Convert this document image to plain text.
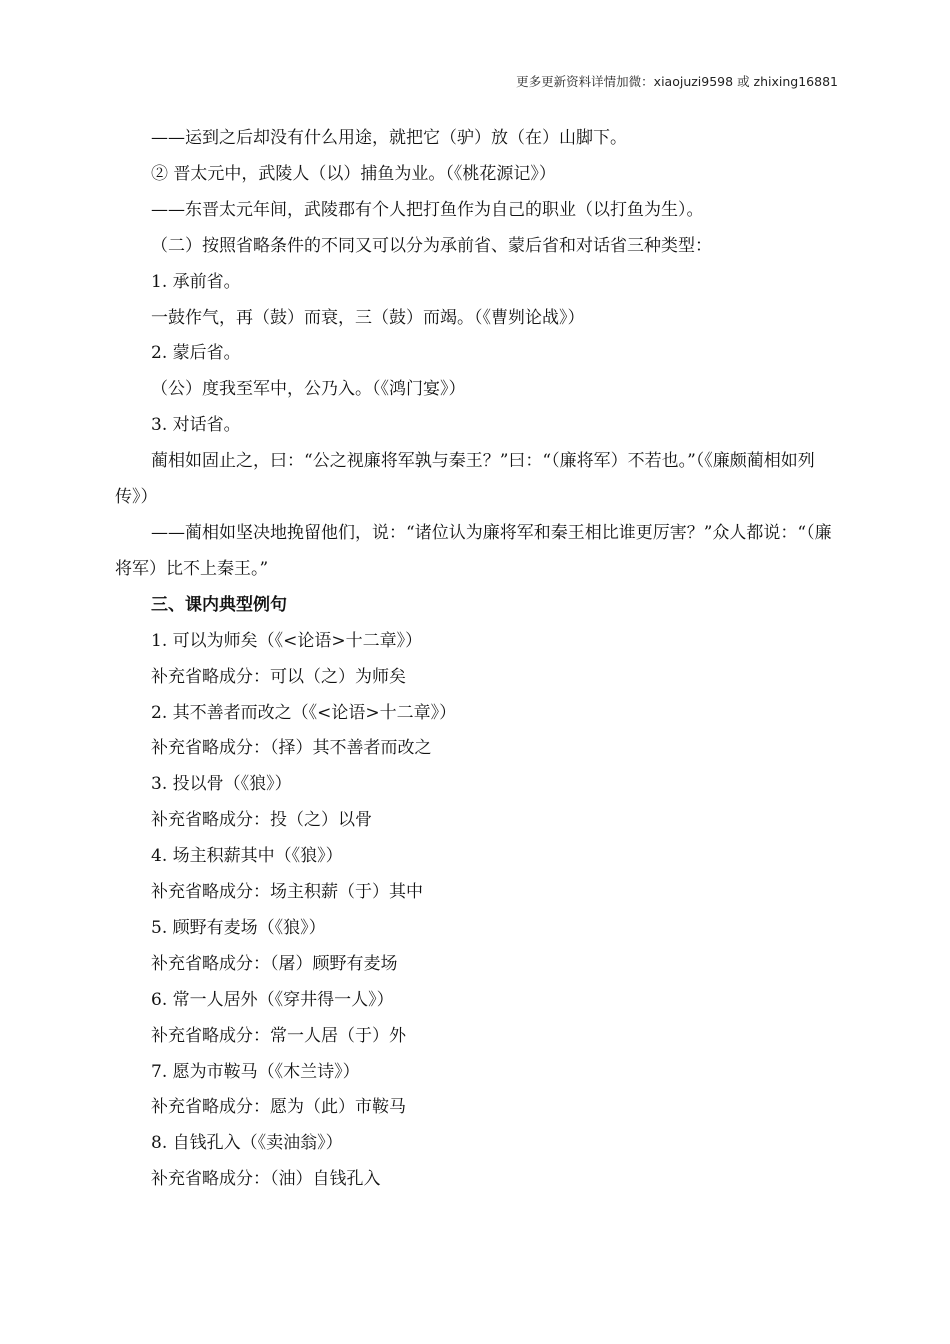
更多更新资料详情加微：xiaojuzi9598 或 zhixing16881
——运到之后却没有什么用途，就把它（驴）放（在）山脚下。
② 晋太元中，武陵人（以）捕鱼为业。（《桃花源记》）
——东晋太元年间，武陵郡有个人把打鱼作为自己的职业（以打鱼为生）。
（二）按照省略条件的不同又可以分为承前省、蒙后省和对话省三种类型：
1. 承前省。
一鼓作气，再（鼓）而衰，三（鼓）而竭。（《曹刿论战》）
2. 蒙后省。
（公）度我至军中，公乃入。（《鸿门宴》）
3. 对话省。
蔺相如固止之，曰：“公之视廉将军孰与秦王？”曰：“（廉将军）不若也。”（《廉颇蔺相如列传》）
——蔺相如坚决地挽留他们，说：“诸位认为廉将军和秦王相比谁更厉害？”众人都说：“（廉将军）比不上秦王。”
三、课内典型例句
1. 可以为师矣（《<论语>十二章》）
补充省略成分：可以（之）为师矣
2. 其不善者而改之（《<论语>十二章》）
补充省略成分：（择）其不善者而改之
3. 投以骨（《狼》）
补充省略成分：投（之）以骨
4. 场主积薪其中（《狼》）
补充省略成分：场主积薪（于）其中
5. 顾野有麦场（《狼》）
补充省略成分：（屠）顾野有麦场
6. 常一人居外（《穿井得一人》）
补充省略成分：常一人居（于）外
7. 愿为市鞍马（《木兰诗》）
补充省略成分：愿为（此）市鞍马
8. 自钱孔入（《卖油翁》）
补充省略成分：（油）自钱孔入
